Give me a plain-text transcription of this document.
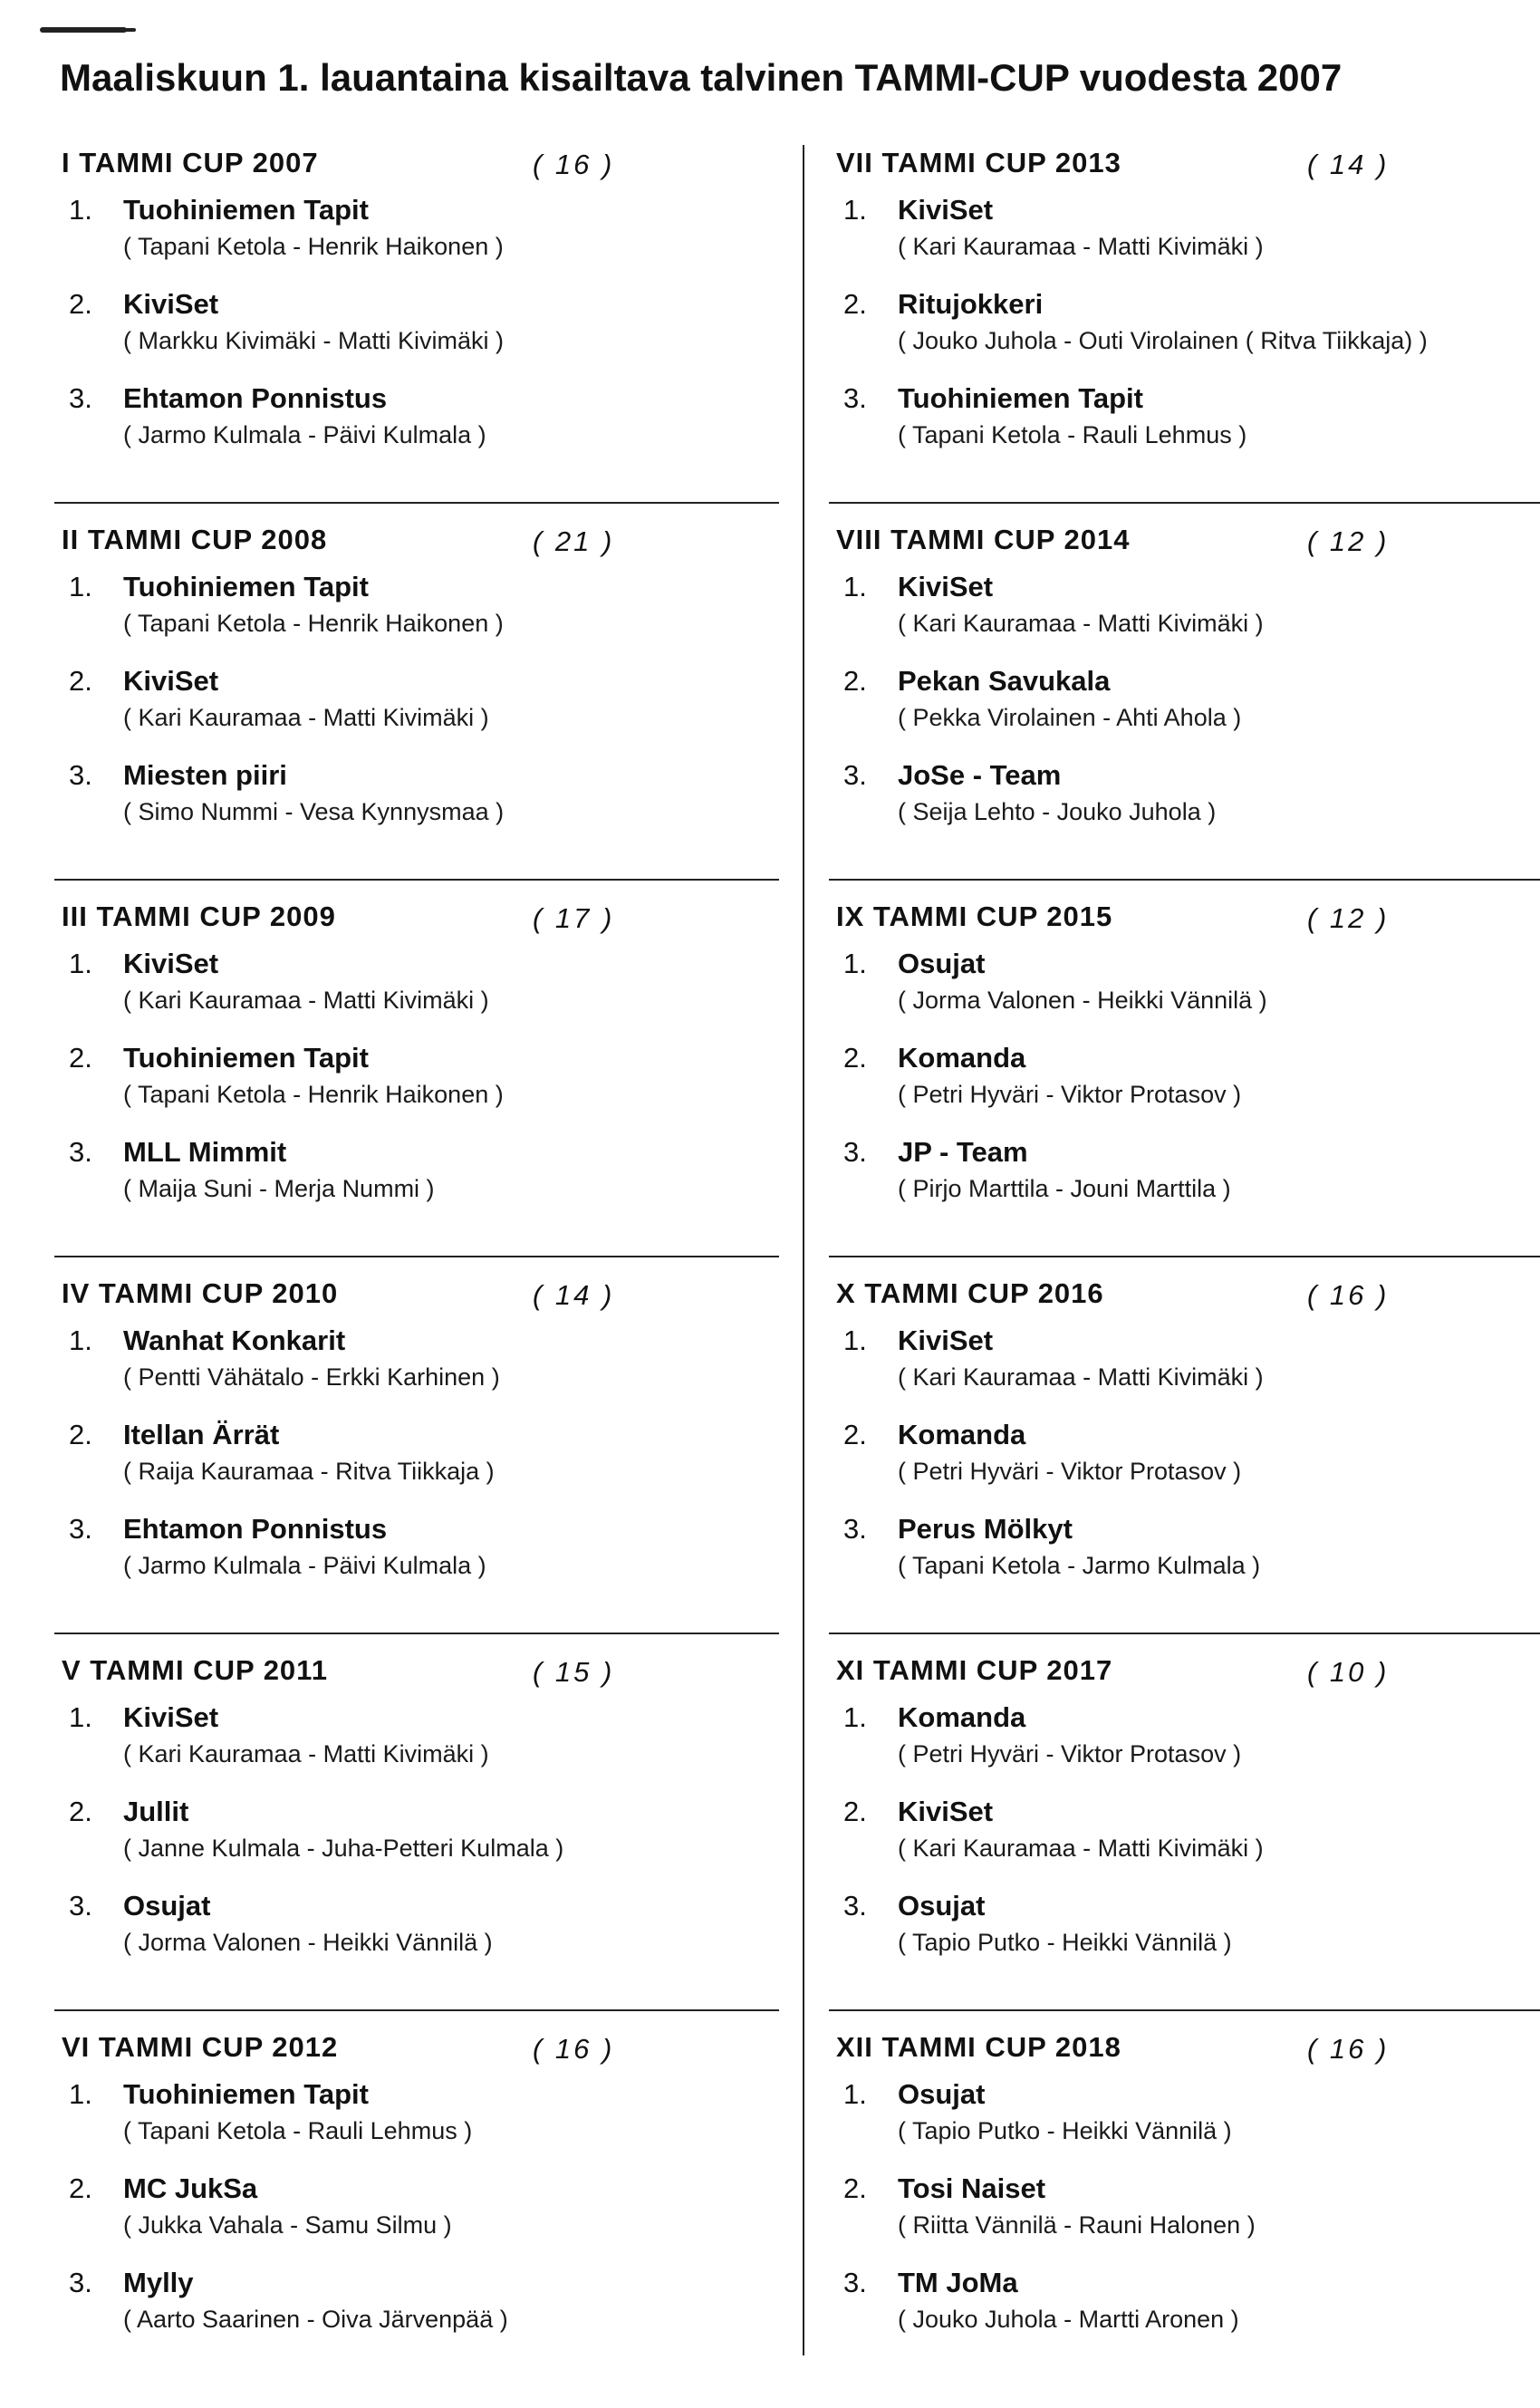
Maaliskuun 1. lauantaina kisailtava talvinen TAMMI-CUP vuodesta 2007
I TAMMI CUP 2007	( 16 )
1. Tuohiniemen Tapit
( Tapani Ketola - Henrik Haikonen )
2. KiviSet
( Markku Kivimäki - Matti Kivimäki )
3. Ehtamon Ponnistus
( Jarmo Kulmala - Päivi Kulmala )
II TAMMI CUP 2008	( 21 )
1. Tuohiniemen Tapit
( Tapani Ketola - Henrik Haikonen )
2. KiviSet
( Kari Kauramaa - Matti Kivimäki )
3. Miesten piiri
( Simo Nummi - Vesa Kynnysmaa )
III TAMMI CUP 2009	( 17 )
1. KiviSet
( Kari Kauramaa - Matti Kivimäki )
2. Tuohiniemen Tapit
( Tapani Ketola - Henrik Haikonen )
3. MLL Mimmit
( Maija Suni - Merja Nummi )
IV TAMMI CUP 2010	( 14 )
1. Wanhat Konkarit
( Pentti Vähätalo - Erkki Karhinen )
2. Itellan Ärrät
( Raija Kauramaa - Ritva Tiikkaja )
3. Ehtamon Ponnistus
( Jarmo Kulmala - Päivi Kulmala )
V TAMMI CUP 2011	( 15 )
1. KiviSet
( Kari Kauramaa - Matti Kivimäki )
2. Jullit
( Janne Kulmala - Juha-Petteri Kulmala )
3. Osujat
( Jorma Valonen - Heikki Vännilä )
VI TAMMI CUP 2012	( 16 )
1. Tuohiniemen Tapit
( Tapani Ketola - Rauli Lehmus )
2. MC JukSa
( Jukka Vahala - Samu Silmu )
3. Mylly
( Aarto Saarinen - Oiva Järvenpää )
VII TAMMI CUP 2013	( 14 )
1. KiviSet
( Kari Kauramaa - Matti Kivimäki )
2. Ritujokkeri
( Jouko Juhola - Outi Virolainen ( Ritva Tiikkaja) )
3. Tuohiniemen Tapit
( Tapani Ketola - Rauli Lehmus )
VIII TAMMI CUP 2014	( 12 )
1. KiviSet
( Kari Kauramaa - Matti Kivimäki )
2. Pekan Savukala
( Pekka Virolainen - Ahti Ahola )
3. JoSe - Team
( Seija Lehto - Jouko Juhola )
IX TAMMI CUP 2015	( 12 )
1. Osujat
( Jorma Valonen - Heikki Vännilä )
2. Komanda
( Petri Hyväri - Viktor Protasov )
3. JP - Team
( Pirjo Marttila - Jouni Marttila )
X TAMMI CUP 2016	( 16 )
1. KiviSet
( Kari Kauramaa - Matti Kivimäki )
2. Komanda
( Petri Hyväri - Viktor Protasov )
3. Perus Mölkyt
( Tapani Ketola - Jarmo Kulmala )
XI TAMMI CUP 2017	( 10 )
1. Komanda
( Petri Hyväri - Viktor Protasov )
2. KiviSet
( Kari Kauramaa - Matti Kivimäki )
3. Osujat
( Tapio Putko - Heikki Vännilä )
XII TAMMI CUP 2018	( 16 )
1. Osujat
( Tapio Putko - Heikki Vännilä )
2. Tosi Naiset
( Riitta Vännilä - Rauni Halonen )
3. TM JoMa
( Jouko Juhola - Martti Aronen )
